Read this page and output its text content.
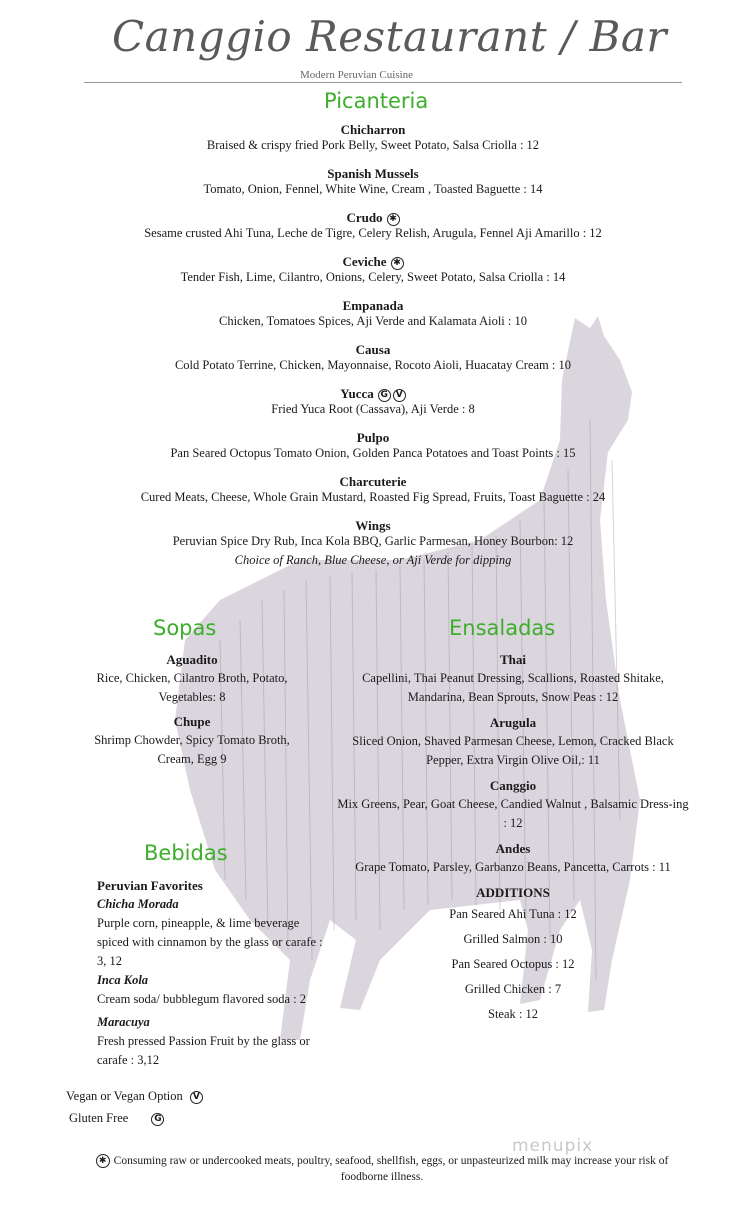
Canggio Restaurant / Bar
Modern Peruvian Cuisine
Picanteria
Chicharron
Braised & crispy fried Pork Belly, Sweet Potato, Salsa Criolla : 12
Spanish Mussels
Tomato, Onion, Fennel, White Wine, Cream , Toasted Baguette : 14
Crudo ✱
Sesame crusted Ahi Tuna, Leche de Tigre, Celery Relish, Arugula, Fennel Aji Amarillo : 12
Ceviche ✱
Tender Fish, Lime, Cilantro, Onions, Celery, Sweet Potato, Salsa Criolla : 14
Empanada
Chicken, Tomatoes Spices, Aji Verde and Kalamata Aioli : 10
Causa
Cold Potato Terrine, Chicken, Mayonnaise, Rocoto Aioli, Huacatay Cream : 10
Yucca G V
Fried Yuca Root (Cassava), Aji Verde : 8
Pulpo
Pan Seared Octopus Tomato Onion, Golden Panca Potatoes and Toast Points : 15
Charcuterie
Cured Meats, Cheese, Whole Grain Mustard, Roasted Fig Spread, Fruits, Toast Baguette : 24
Wings
Peruvian Spice Dry Rub, Inca Kola BBQ, Garlic Parmesan, Honey Bourbon: 12
Choice of Ranch, Blue Cheese, or Aji Verde for dipping
Sopas
Aguadito
Rice, Chicken, Cilantro Broth, Potato, Vegetables: 8
Chupe
Shrimp Chowder, Spicy Tomato Broth, Cream, Egg 9
Ensaladas
Thai
Capellini, Thai Peanut Dressing, Scallions, Roasted Shitake, Mandarina, Bean Sprouts, Snow Peas : 12
Arugula
Sliced Onion, Shaved Parmesan Cheese, Lemon, Cracked Black Pepper, Extra Virgin Olive Oil,: 11
Canggio
Mix Greens, Pear, Goat Cheese, Candied Walnut , Balsamic Dress-ing : 12
Andes
Grape Tomato, Parsley, Garbanzo Beans, Pancetta, Carrots : 11
ADDITIONS
Pan Seared Ahi Tuna : 12
Grilled Salmon : 10
Pan Seared Octopus : 12
Grilled Chicken : 7
Steak : 12
Bebidas
Peruvian Favorites
Chicha Morada
Purple corn, pineapple, & lime beverage spiced with cinnamon by the glass or carafe : 3, 12
Inca Kola
Cream soda/ bubblegum flavored soda : 2
Maracuya
Fresh pressed Passion Fruit by the glass or carafe : 3,12
Vegan or Vegan Option V
Gluten Free	G
menupix
✱ Consuming raw or undercooked meats, poultry, seafood, shellfish, eggs, or unpasteurized milk may increase your risk of
foodborne illness.
